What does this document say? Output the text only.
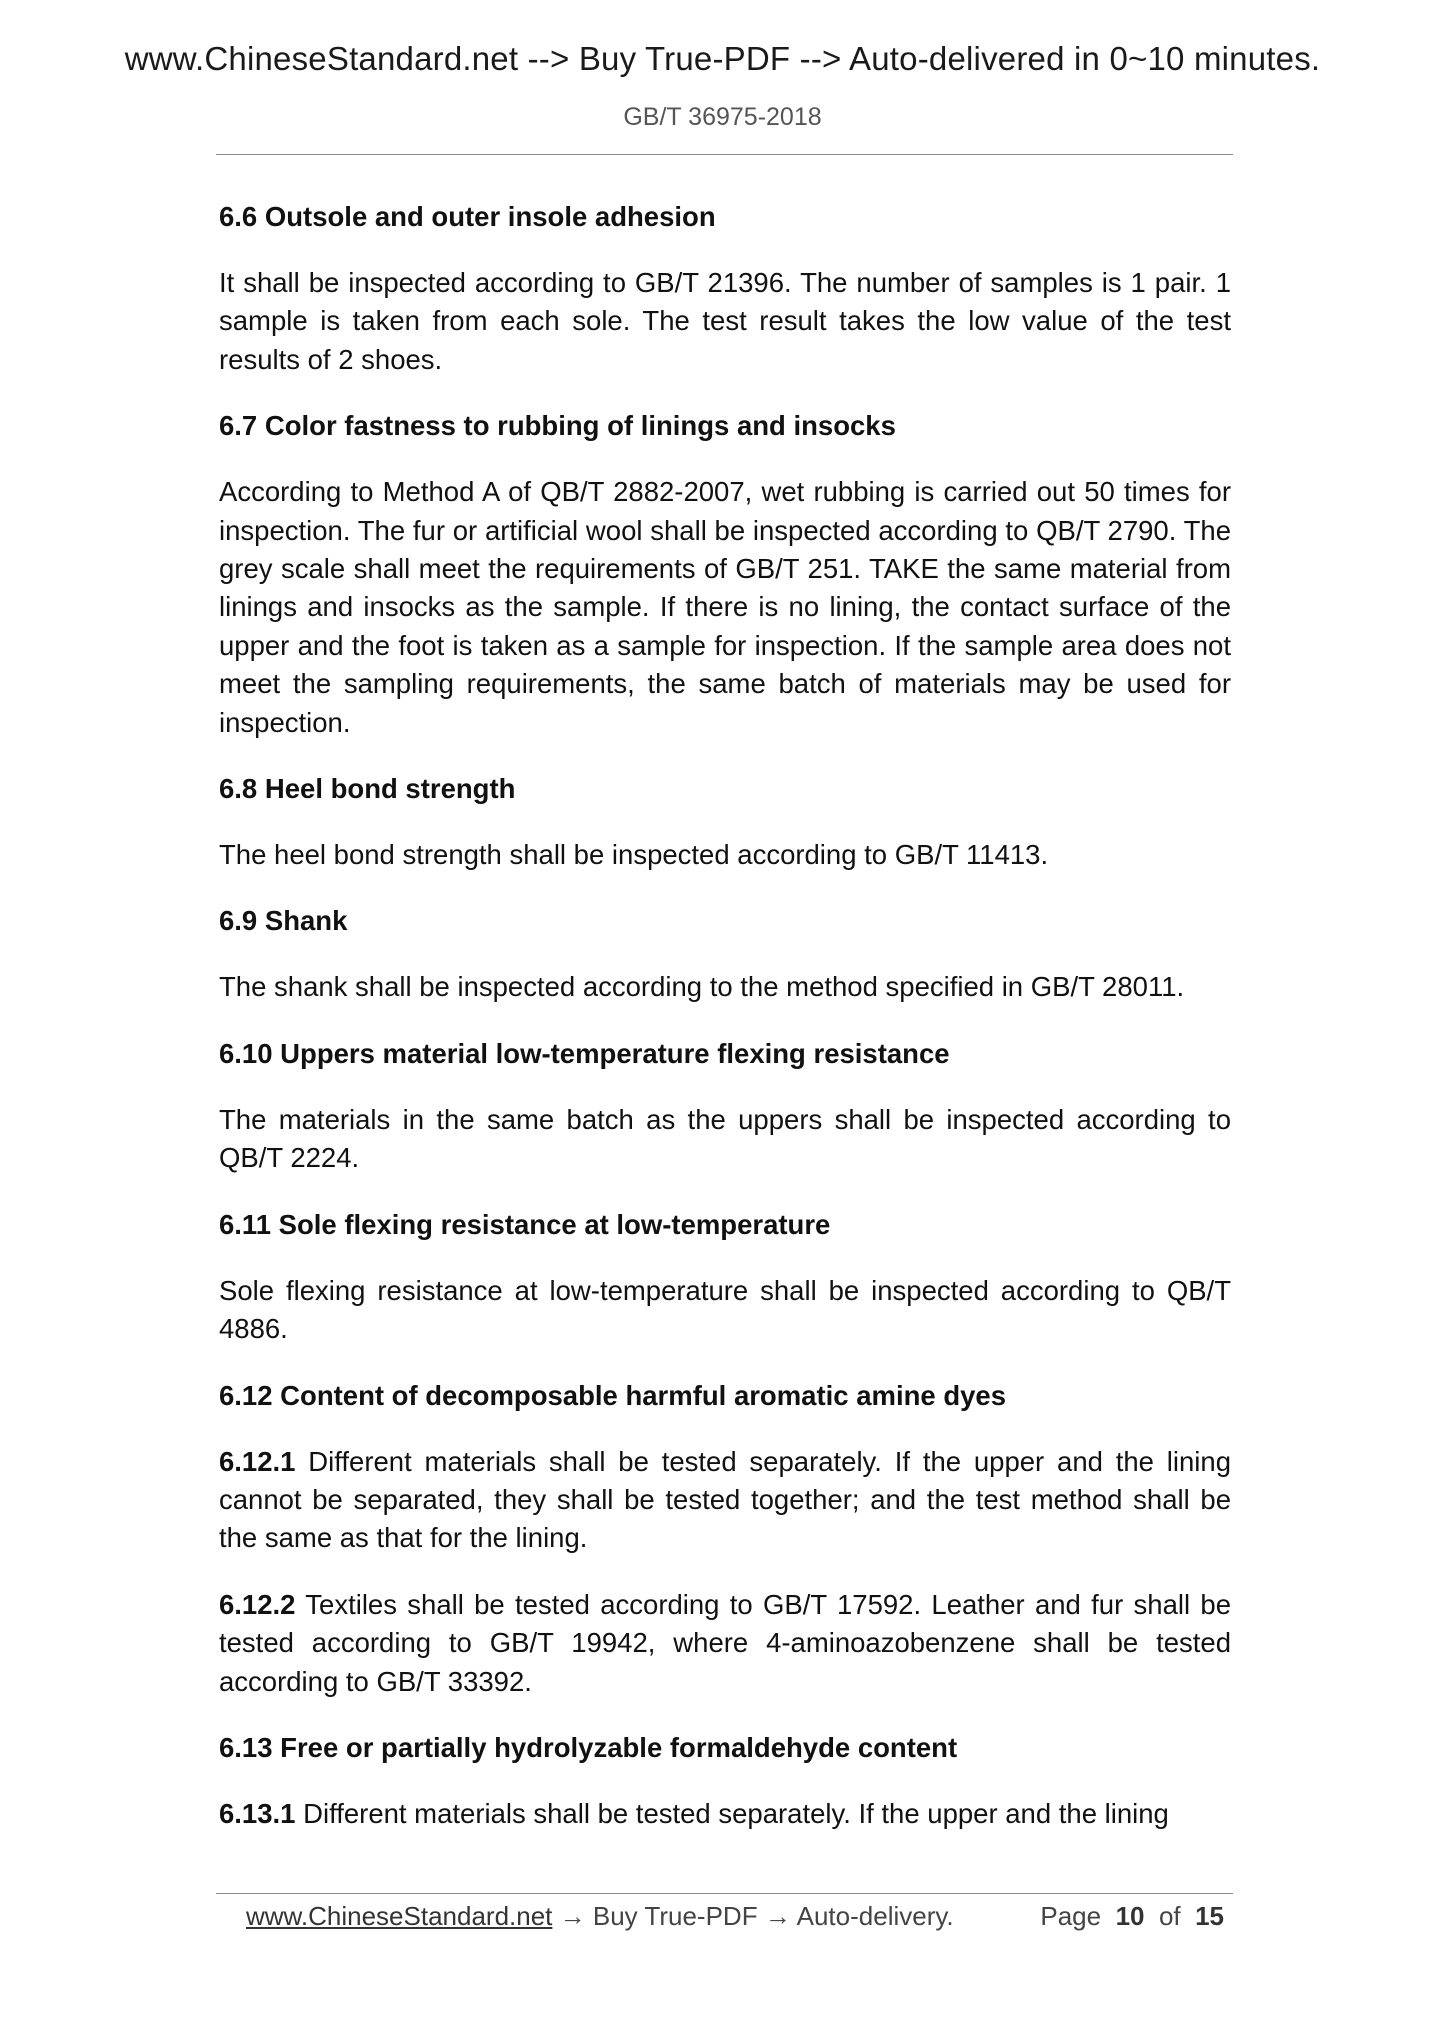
www.ChineseStandard.net --> Buy True-PDF --> Auto-delivered in 0~10 minutes.
GB/T 36975-2018
6.6 Outsole and outer insole adhesion
It shall be inspected according to GB/T 21396. The number of samples is 1 pair. 1 sample is taken from each sole. The test result takes the low value of the test results of 2 shoes.
6.7 Color fastness to rubbing of linings and insocks
According to Method A of QB/T 2882-2007, wet rubbing is carried out 50 times for inspection. The fur or artificial wool shall be inspected according to QB/T 2790. The grey scale shall meet the requirements of GB/T 251. TAKE the same material from linings and insocks as the sample. If there is no lining, the contact surface of the upper and the foot is taken as a sample for inspection. If the sample area does not meet the sampling requirements, the same batch of materials may be used for inspection.
6.8 Heel bond strength
The heel bond strength shall be inspected according to GB/T 11413.
6.9 Shank
The shank shall be inspected according to the method specified in GB/T 28011.
6.10 Uppers material low-temperature flexing resistance
The materials in the same batch as the uppers shall be inspected according to QB/T 2224.
6.11 Sole flexing resistance at low-temperature
Sole flexing resistance at low-temperature shall be inspected according to QB/T 4886.
6.12 Content of decomposable harmful aromatic amine dyes
6.12.1 Different materials shall be tested separately. If the upper and the lining cannot be separated, they shall be tested together; and the test method shall be the same as that for the lining.
6.12.2 Textiles shall be tested according to GB/T 17592. Leather and fur shall be tested according to GB/T 19942, where 4-aminoazobenzene shall be tested according to GB/T 33392.
6.13 Free or partially hydrolyzable formaldehyde content
6.13.1 Different materials shall be tested separately. If the upper and the lining
www.ChineseStandard.net → Buy True-PDF → Auto-delivery.	Page 10 of 15
